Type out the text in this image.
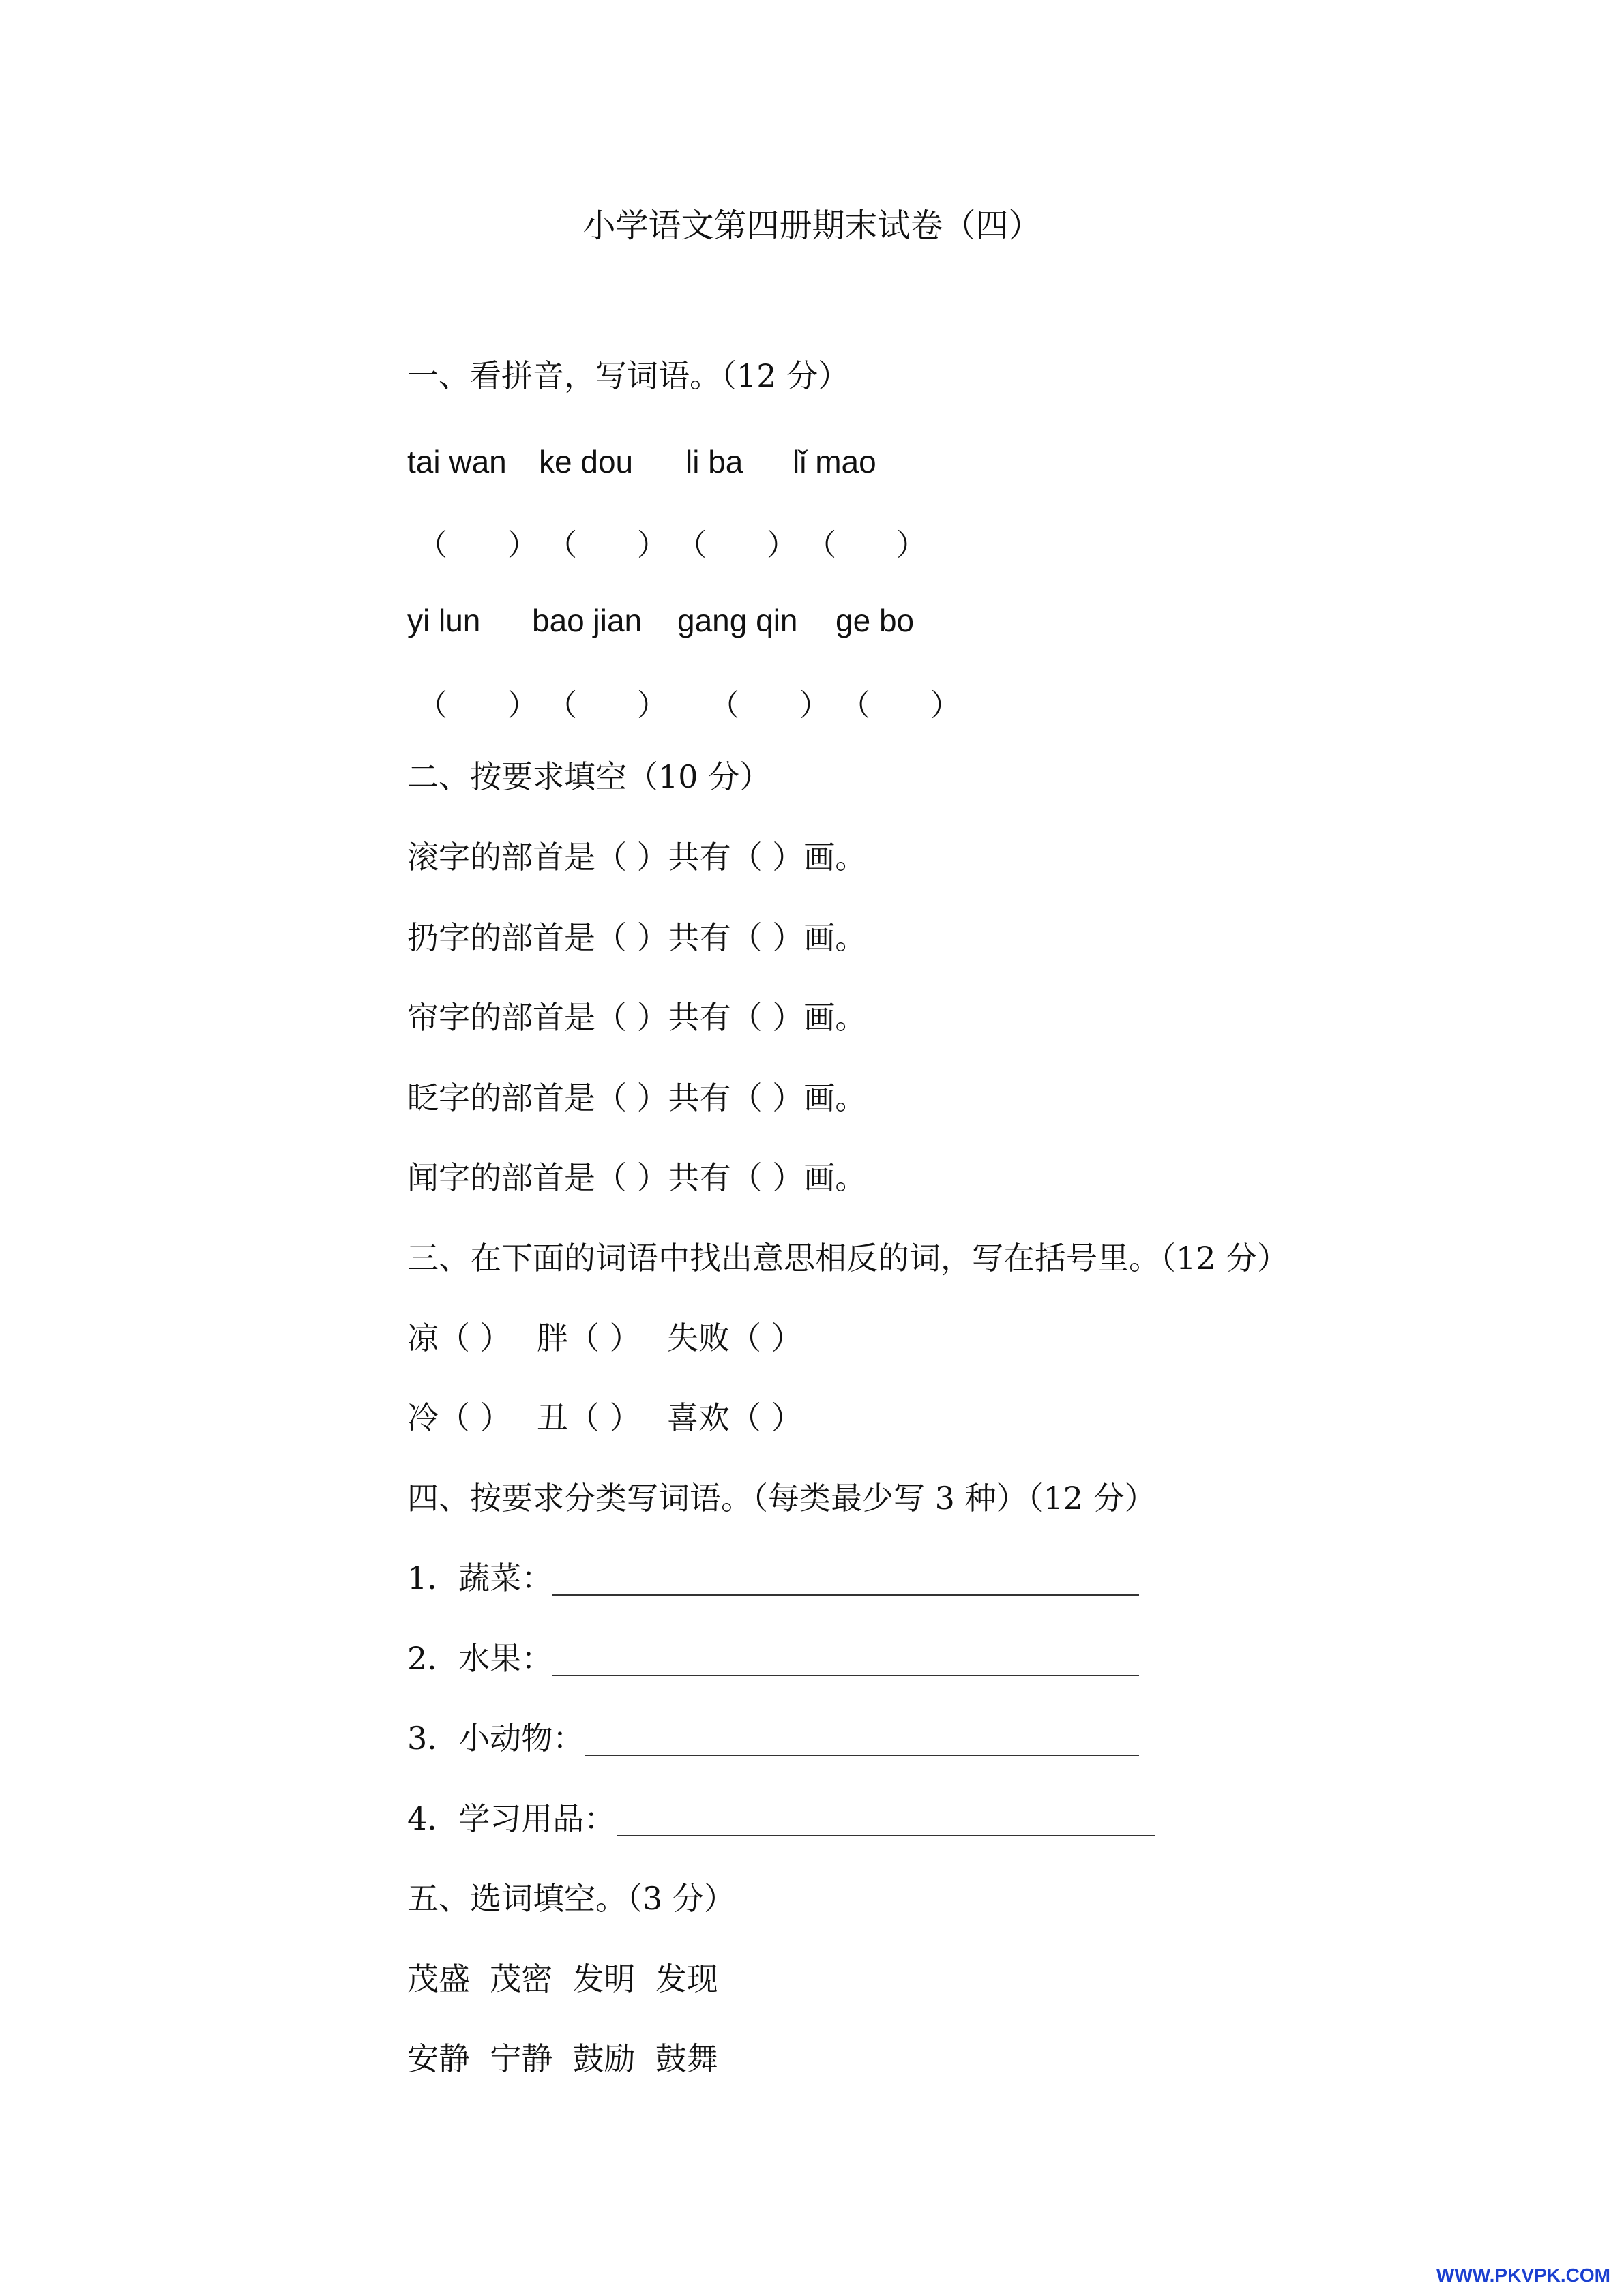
小学语文第四册期末试卷（四）
一、看拼音，写词语。（12 分）
tai wan ke dou li ba lǐ mao
（　　） （　　） （　　） （　　）
yi lun bao jian gang qin ge bo
（　　） （　　） （　　） （　　）
二、按要求填空（10 分）
滚字的部首是（ ）共有（ ）画。
扔字的部首是（ ）共有（ ）画。
帘字的部首是（ ）共有（ ）画。
眨字的部首是（ ）共有（ ）画。
闻字的部首是（ ）共有（ ）画。
三、在下面的词语中找出意思相反的词，写在括号里。（12 分）
凉（ ） 胖（ ） 失败（ ）
冷（ ） 丑（ ） 喜欢（ ）
四、按要求分类写词语。（每类最少写 3 种）（12 分）
1．蔬菜：
2．水果：
3．小动物：
4．学习用品：
五、选词填空。（3 分）
茂盛  茂密  发明  发现
安静  宁静  鼓励  鼓舞
WWW.PKVPK.COM
